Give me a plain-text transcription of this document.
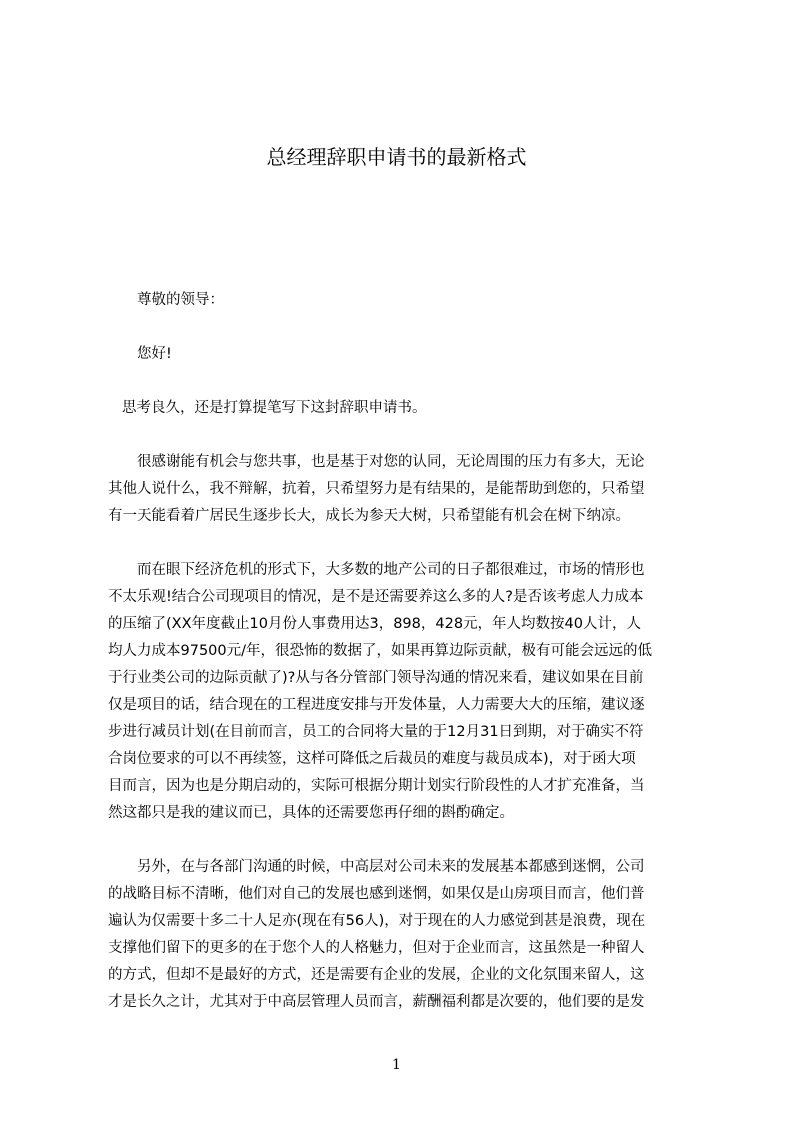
总经理辞职申请书的最新格式
尊敬的领导：
您好!
思考良久，还是打算提笔写下这封辞职申请书。
很感谢能有机会与您共事，也是基于对您的认同，无论周围的压力有多大，无论
其他人说什么，我不辩解，抗着，只希望努力是有结果的，是能帮助到您的，只希望
有一天能看着广居民生逐步长大，成长为参天大树，只希望能有机会在树下纳凉。
而在眼下经济危机的形式下，大多数的地产公司的日子都很难过，市场的情形也
不太乐观!结合公司现项目的情况，是不是还需要养这么多的人?是否该考虑人力成本
的压缩了(XX年度截止10月份人事费用达3，898，428元，年人均数按40人计，人
均人力成本97500元/年，很恐怖的数据了，如果再算边际贡献，极有可能会远远的低
于行业类公司的边际贡献了)?从与各分管部门领导沟通的情况来看，建议如果在目前
仅是项目的话，结合现在的工程进度安排与开发体量，人力需要大大的压缩，建议逐
步进行减员计划(在目前而言，员工的合同将大量的于12月31日到期，对于确实不符
合岗位要求的可以不再续签，这样可降低之后裁员的难度与裁员成本)，对于函大项
目而言，因为也是分期启动的，实际可根据分期计划实行阶段性的人才扩充准备，当
然这都只是我的建议而已，具体的还需要您再仔细的斟酌确定。
另外，在与各部门沟通的时候，中高层对公司未来的发展基本都感到迷惘，公司
的战略目标不清晰，他们对自己的发展也感到迷惘，如果仅是山房项目而言，他们普
遍认为仅需要十多二十人足亦(现在有56人)，对于现在的人力感觉到甚是浪费，现在
支撑他们留下的更多的在于您个人的人格魅力，但对于企业而言，这虽然是一种留人
的方式，但却不是最好的方式，还是需要有企业的发展，企业的文化氛围来留人，这
才是长久之计，尤其对于中高层管理人员而言，薪酬福利都是次要的，他们要的是发
1
